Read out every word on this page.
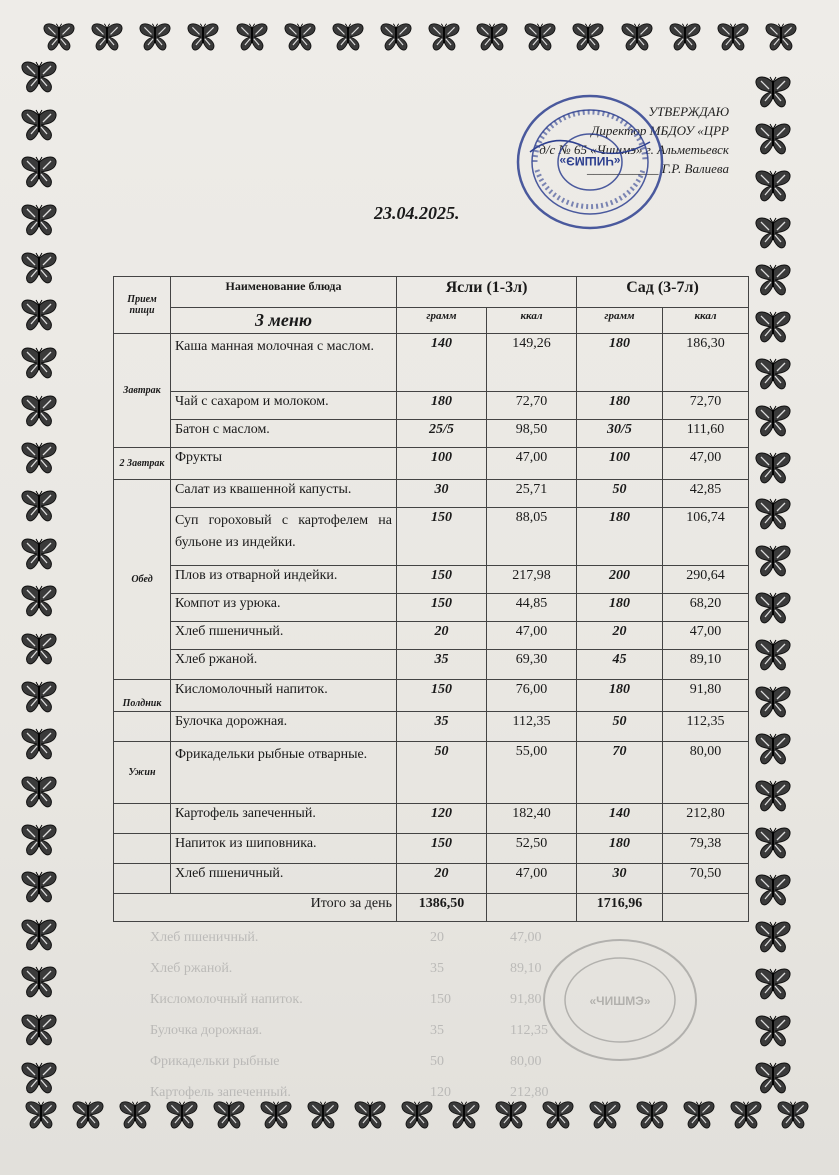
УТВЕРЖДАЮ
Директор МБДОУ «ЦРР
д/с № 65 «Чишмэ» г. Альметьевск
___________ Г.Р. Валиева
«ЧИШМЭ»
23.04.2025.
Прием пищи	Наименование блюда	Ясли (1-3л)		Сад (3-7л)	
	3 меню	грамм	ккал	грамм	ккал
Завтрак	Каша манная молочная с маслом.	140	149,26	180	186,30
	Чай с сахаром и молоком.	180	72,70	180	72,70
	Батон с маслом.	25/5	98,50	30/5	111,60
2 Завтрак	Фрукты	100	47,00	100	47,00
Обед	Салат из квашенной капусты.	30	25,71	50	42,85
	Суп гороховый с картофелем на бульоне из индейки.	150	88,05	180	106,74
	Плов из отварной индейки.	150	217,98	200	290,64
	Компот из урюка.	150	44,85	180	68,20
	Хлеб пшеничный.	20	47,00	20	47,00
	Хлеб ржаной.	35	69,30	45	89,10
Полдник	Кисломолочный напиток.	150	76,00	180	91,80
	Булочка дорожная.	35	112,35	50	112,35
Ужин	Фрикадельки рыбные отварные.	50	55,00	70	80,00
	Картофель запеченный.	120	182,40	140	212,80
	Напиток из шиповника.	150	52,50	180	79,38
	Хлеб пшеничный.	20	47,00	30	70,50
Итого за день		1386,50		1716,96	
Хлеб пшеничный.	20	47,00
Хлеб ржаной.	35	89,10
Кисломолочный напиток.	150	91,80
Булочка дорожная.	35	112,35
Фрикадельки рыбные	50	80,00
Картофель запеченный.	120	212,80
«ЧИШМЭ»
